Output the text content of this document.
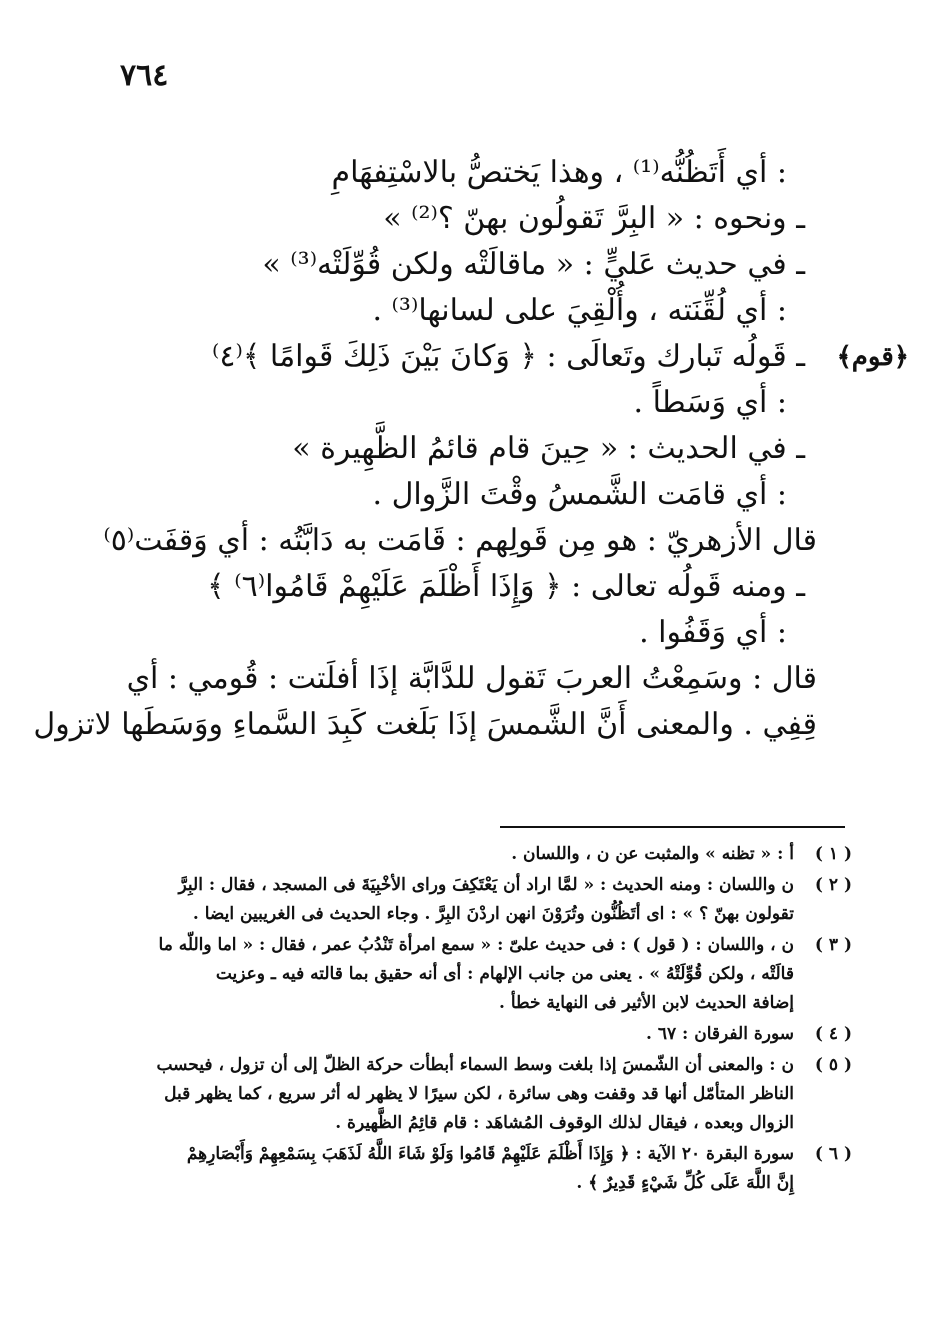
٧٦٤
: أي أَتَظُنُّه⁽¹⁾ ، وهذا يَختصُّ بالاسْتِفهَامِ
ـ ونحوه : « البِرَّ تَقولُون بهنّ ؟⁽²⁾ »
ـ في حديث عَليٍّ : « ماقالَتْه ولكن قُوِّلَتْه⁽³⁾ »
: أي لُقِّنَته ، وأُلْقِيَ على لسانها⁽³⁾ .
﴿قوم﴾
ـ قَولُه تَبارك وتَعالَى : ﴿ وَكانَ بَيْنَ ذَلِكَ قَوامًا ﴾⁽٤⁾
: أي وَسَطاً .
ـ في الحديث : « حِينَ قام قائمُ الظَّهِيرة »
: أي قامَت الشَّمسُ وقْتَ الزَّوال .
قال الأزهريّ : هو مِن قَولِهم : قَامَت به دَابَّتُه : أي وَقفَت⁽٥⁾
ـ ومنه قَولُه تعالى : ﴿ وَإِذَا أَظْلَمَ عَلَيْهِمْ قَامُوا⁽٦⁾ ﴾
: أي وَقَفُوا .
قال : وسَمِعْتُ العربَ تَقول للدَّابَّة إذَا أفلَتت : قُومي : أي
قِفِي . والمعنى أَنَّ الشَّمسَ إذَا بَلَغت كَبِدَ السَّماءِ ووَسَطَها لاتزول
( ١ )
أ : « تظنه » والمثبت عن ن ، واللسان .
( ٢ )
ن واللسان : ومنه الحديث : « لمَّا اراد أن يَعْتَكِفَ وراى الأخْبِيَةَ فى المسجد ، فقال : البِرَّ
تقولون بهنّ ؟ » : اى أتَظُنُّون وتُرَوْنَ انهن اردْنَ البِرَّ . وجاء الحديث فى الغريبين ايضا .
( ٣ )
ن ، واللسان : ( قول ) : فى حديث علىّ : « سمع امرأة تَنْدُبُ عمر ، فقال : « اما واللّه ما
قالَتْه ، ولكن قُوِّلَتْهُ » . يعنى من جانب الإلهام : أى أنه حقيق بما قالته فيه ـ وعزيت
إضافة الحديث لابن الأثير فى النهاية خطأ .
( ٤ )
سورة الفرقان : ٦٧ .
( ٥ )
ن : والمعنى أن الشّمسَ إذا بلغت وسط السماء أبطأت حركة الظلّ إلى أن تزول ، فيحسب
الناظر المتأمّل أنها قد وقفت وهى سائرة ، لكن سيرًا لا يظهر له أثر سريع ، كما يظهر قبل
الزوال وبعده ، فيقال لذلك الوقوف المُشاهَد : قام قائِمُ الظَّهيرة .
( ٦ )
سورة البقرة ٢٠ الآية : ﴿ وَإِذَا أَظْلَمَ عَلَيْهِمْ قَامُوا وَلَوْ شَاءَ اللَّهُ لَذَهَبَ بِسَمْعِهِمْ وَأَبْصَارِهِمْ
إِنَّ اللَّهَ عَلَى كُلِّ شَيْءٍ قَدِيرٌ ﴾ .
